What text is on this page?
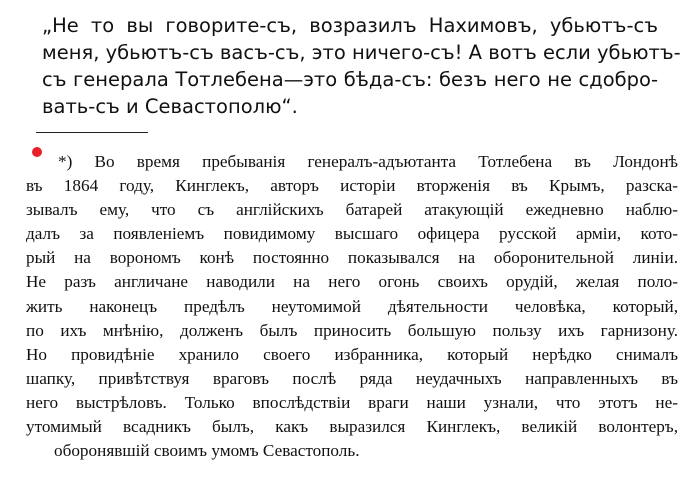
„Не то вы говорите-съ, возразилъ Нахимовъ, убьютъ-съ
меня, убьютъ-съ васъ-съ, это ничего-съ! А вотъ если убьютъ-
съ генерала Тотлебена—это бѣда-съ: безъ него не сдобро-
вать-съ и Севастополю“.
*) Во время пребыванія генералъ-адъютанта Тотлебена въ Лондонѣ
въ 1864 году, Кинглекъ, авторъ исторіи вторженія въ Крымъ, разска-
зывалъ ему, что съ англійскихъ батарей атакующій ежедневно наблю-
далъ за появленіемъ повидимому высшаго офицера русской арміи, кото-
рый на ворономъ конѣ постоянно показывался на оборонительной линіи.
Не разъ англичане наводили на него огонь своихъ орудій, желая поло-
жить наконецъ предѣлъ неутомимой дѣятельности человѣка, который,
по ихъ мнѣнію, долженъ былъ приносить большую пользу ихъ гарнизону.
Но провидѣніе хранило своего избранника, который нерѣдко снималъ
шапку, привѣтствуя враговъ послѣ ряда неудачныхъ направленныхъ въ
него выстрѣловъ. Только впослѣдствіи враги наши узнали, что этотъ не-
утомимый всадникъ былъ, какъ выразился Кинглекъ, великій волонтеръ,
оборонявшій своимъ умомъ Севастополь.
